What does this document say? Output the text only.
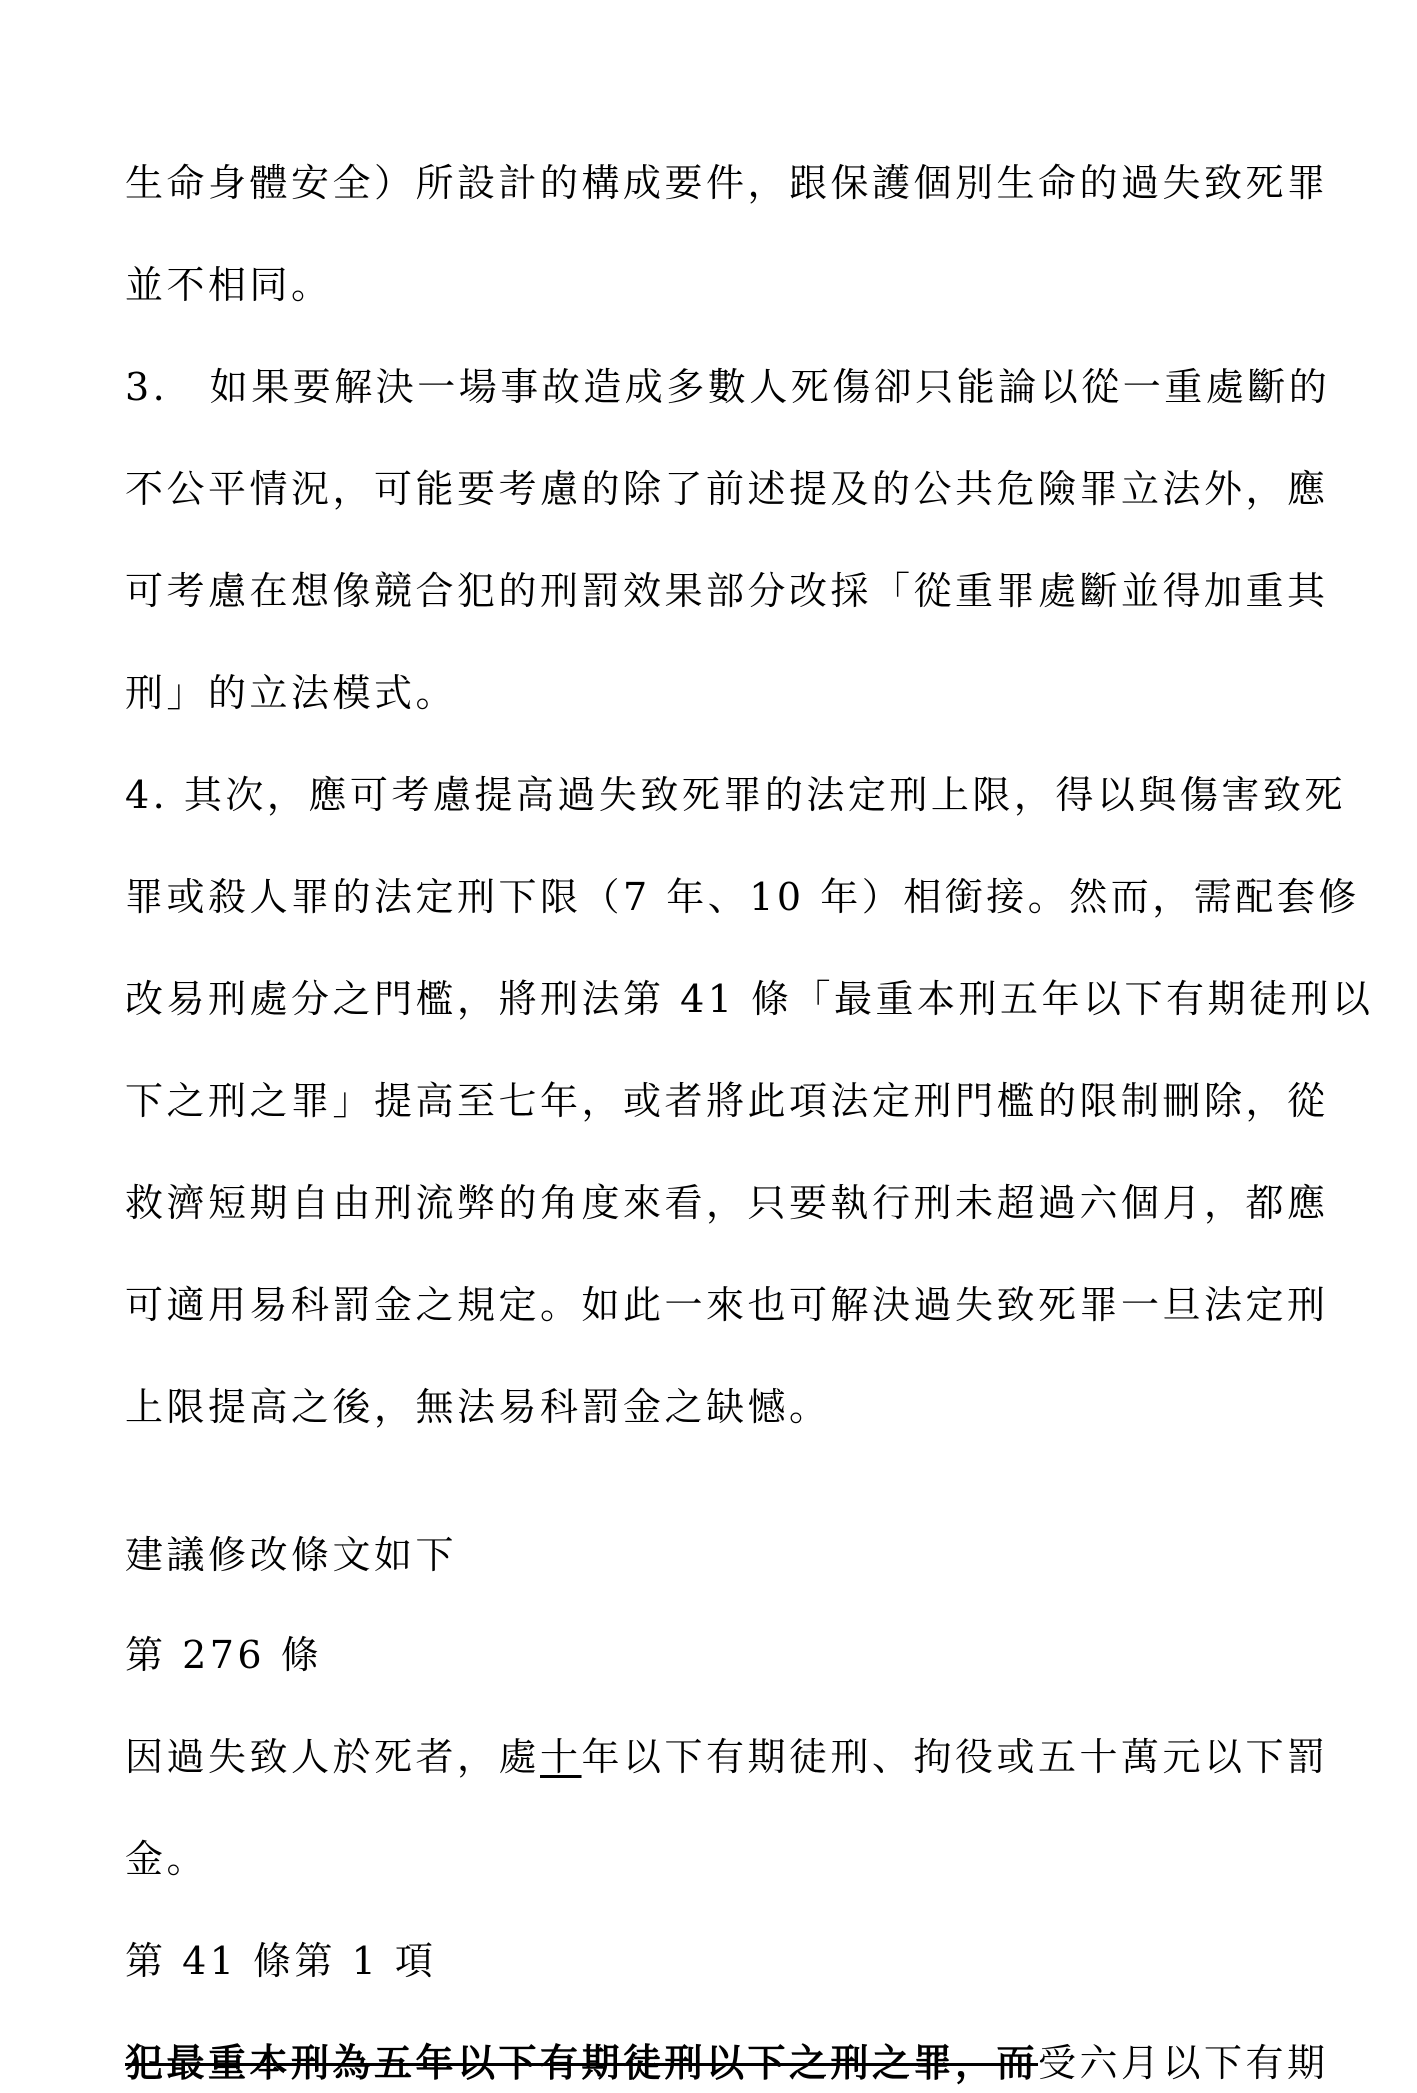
生命身體安全）所設計的構成要件，跟保護個別生命的過失致死罪
並不相同。
3.　如果要解決一場事故造成多數人死傷卻只能論以從一重處斷的
不公平情況，可能要考慮的除了前述提及的公共危險罪立法外，應
可考慮在想像競合犯的刑罰效果部分改採「從重罪處斷並得加重其
刑」的立法模式。
4. 其次，應可考慮提高過失致死罪的法定刑上限，得以與傷害致死
罪或殺人罪的法定刑下限（7 年、10 年）相銜接。然而，需配套修
改易刑處分之門檻，將刑法第 41 條「最重本刑五年以下有期徒刑以
下之刑之罪」提高至七年，或者將此項法定刑門檻的限制刪除，從
救濟短期自由刑流弊的角度來看，只要執行刑未超過六個月，都應
可適用易科罰金之規定。如此一來也可解決過失致死罪一旦法定刑
上限提高之後，無法易科罰金之缺憾。
建議修改條文如下
第 276 條
因過失致人於死者，處十年以下有期徒刑、拘役或五十萬元以下罰
金。
第 41 條第 1 項
犯最重本刑為五年以下有期徒刑以下之刑之罪，而受六月以下有期
